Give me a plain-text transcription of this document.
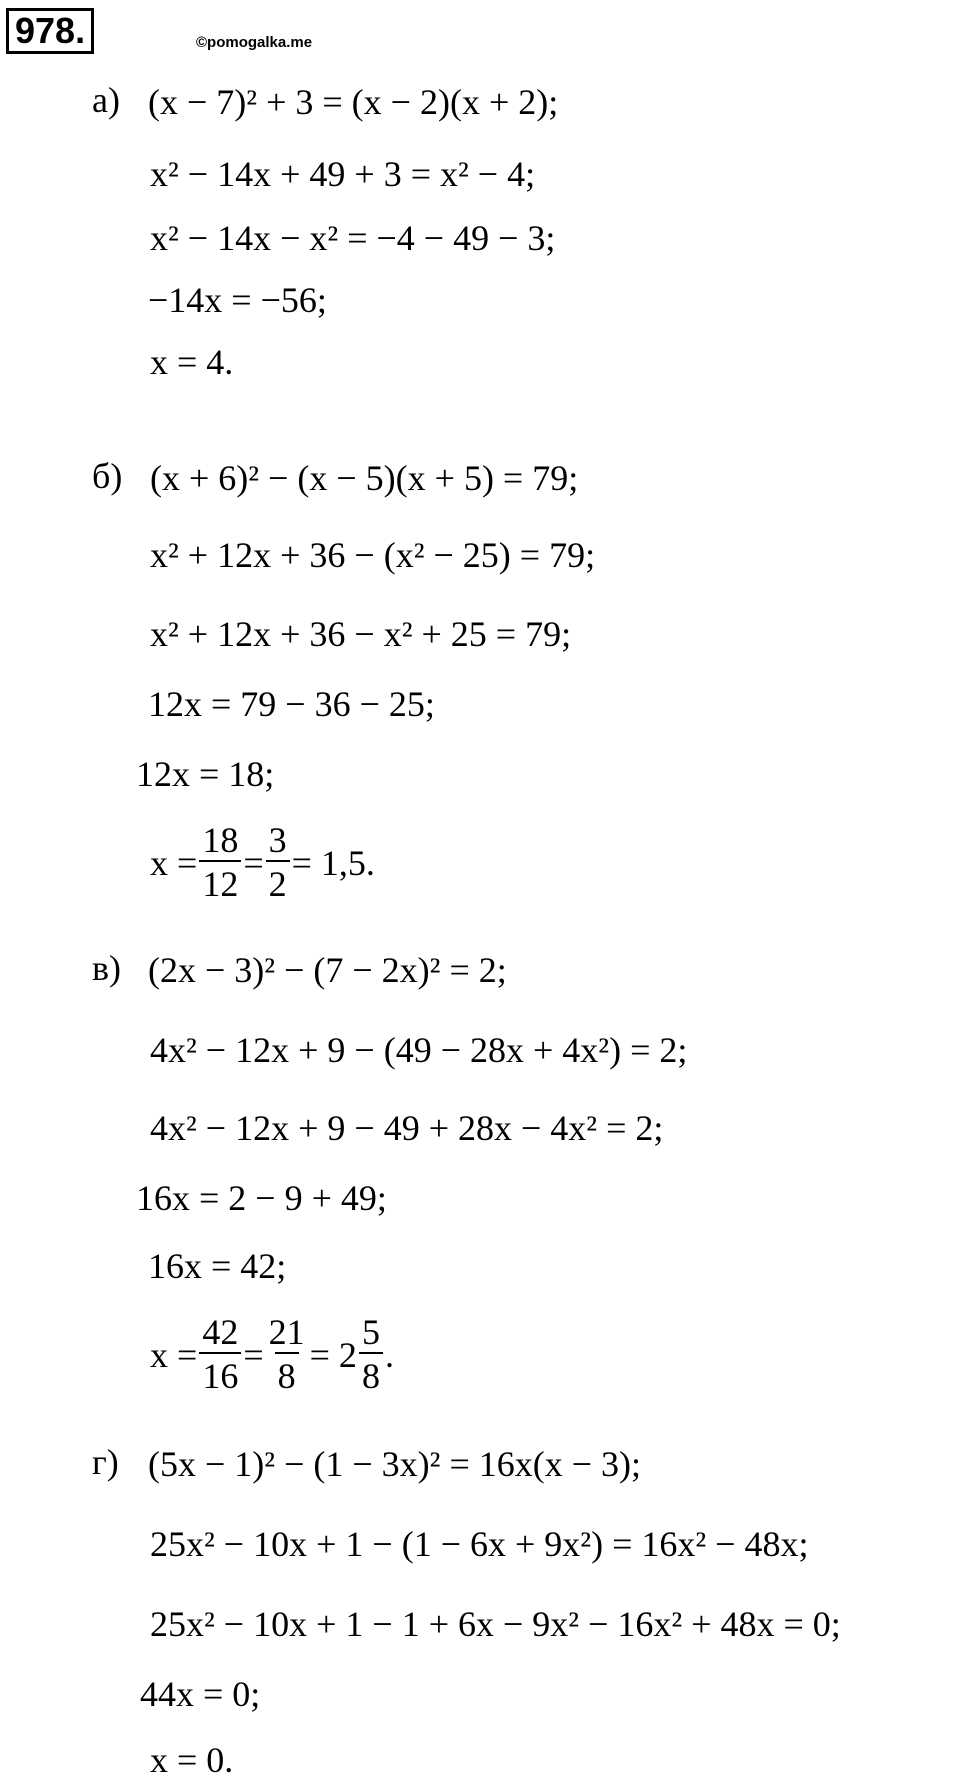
978.	©pomogalka.me
а) (x − 7)² + 3 = (x − 2)(x + 2);
x² − 14x + 49 + 3 = x² − 4;
x² − 14x − x² = −4 − 49 − 3;
−14x = −56;
x = 4.
б) (x + 6)² − (x − 5)(x + 5) = 79;
x² + 12x + 36 − (x² − 25) = 79;
x² + 12x + 36 − x² + 25 = 79;
12x = 79 − 36 − 25;
12x = 18;
$x = \frac{18}{12} = \frac{3}{2} = 1,5$.
в) (2x − 3)² − (7 − 2x)² = 2;
4x² − 12x + 9 − (49 − 28x + 4x²) = 2;
4x² − 12x + 9 − 49 + 28x − 4x² = 2;
16x = 2 − 9 + 49;
16x = 42;
$x = \frac{42}{16} = \frac{21}{8} = 2 \frac{5}{8}$ .
г) (5x − 1)² − (1 − 3x)² = 16x(x − 3);
25x² − 10x + 1 − (1 − 6x + 9x²) = 16x² − 48x;
25x² − 10x + 1 − 1 + 6x − 9x² − 16x² + 48x = 0;
44x = 0;
x = 0.
